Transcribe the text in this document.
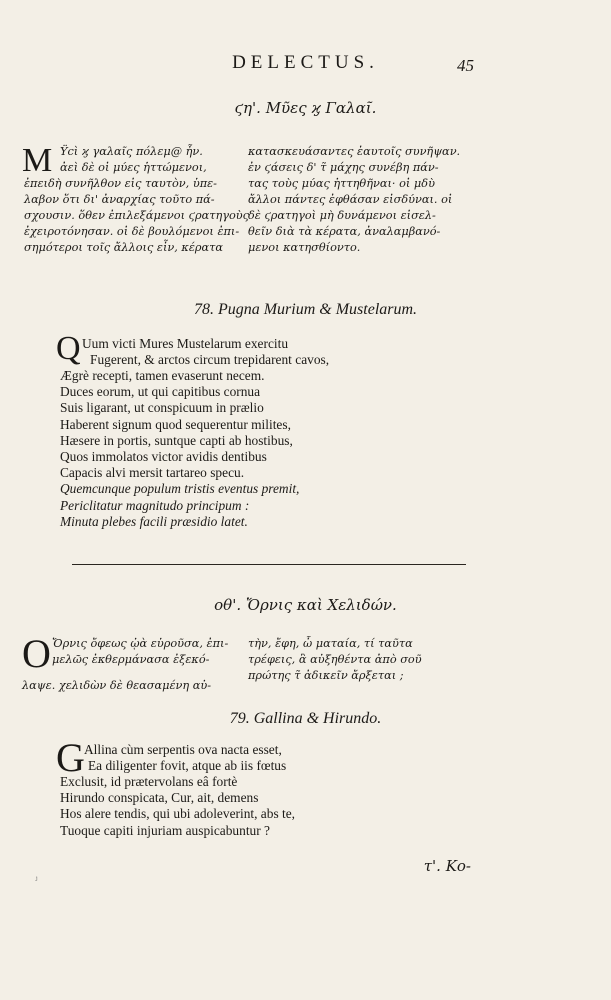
DELECTUS.	45
ϛη'. Μῦες ϗ Γαλαῖ.
M Ϋϲὶ ϗ γαλαῖς πόλεμ@ ἦν.
ἀεὶ δὲ οἱ μύες ἡττώμενοι,
ἐπειδὴ συνῆλθον εἰς ταυτὸν, ὑπε-
λαβον ὅτι δι' ἀναρχίας τοῦτο πά-
σχουσιν. ὅθεν ἐπιλεξάμενοι ϛρατηγοὺς
ἐχειροτόνησαν. οἱ δὲ βουλόμενοι ἐπι-
σημότεροι τοῖς ἄλλοις εἶν, κέρατα
κατασκευάσαντες ἑαυτοῖς συνῆψαν.
ἐν ϛάσεις δ' τ̃ μάχης συνέβη πάν-
τας τοὺς μύας ἡττηθῆναι· οἱ μδὺ
ἄλλοι πάντες ἐφθάσαν εἰσδύναι. οἱ
δὲ ϛρατηγοὶ μὴ δυνάμενοι εἰσελ-
θεῖν διὰ τὰ κέρατα, ἀναλαμβανό-
μενοι κατησθίοντο.
78. Pugna Murium & Mustelarum.
Q Uum victi Mures Mustelarum exercitu
Fugerent, & arctos circum trepidarent cavos,
Ægrè recepti, tamen evaserunt necem.
Duces eorum, ut qui capitibus cornua
Suis ligarant, ut conspicuum in prælio
Haberent signum quod sequerentur milites,
Hæsere in portis, suntque capti ab hostibus,
Quos immolatos victor avidis dentibus
Capacis alvi mersit tartareo specu.
Quemcunque populum tristis eventus premit,
Periclitatur magnitudo principum :
Minuta plebes facili præsidio latet.
οθ'. Ὄρνις καὶ Χελιδών.
O Ὄρνις ὄφεως ᾠὰ εὑροῦσα, ἐπι-
μελῶς ἐκθερμάνασα ἐξεκό-
λαψε. χελιδὼν δὲ θεασαμένη αὐ-
τὴν, ἔφη, ὦ ματαία, τί ταῦτα
τρέφεις, ἃ αὐξηθέντα ἀπὸ σοῦ
πρώτης τ̃ ἀδικεῖν ἄρξεται ;
79. Gallina & Hirundo.
G Allina cùm serpentis ova nacta esset,
Ea diligenter fovit, atque ab iis fœtus
Exclusit, id prætervolans eâ fortè
Hirundo conspicata, Cur, ait, demens
Hos alere tendis, qui ubi adoleverint, abs te,
Tuoque capiti injuriam auspicabuntur ?
τ'. Κο-
ⱼ
